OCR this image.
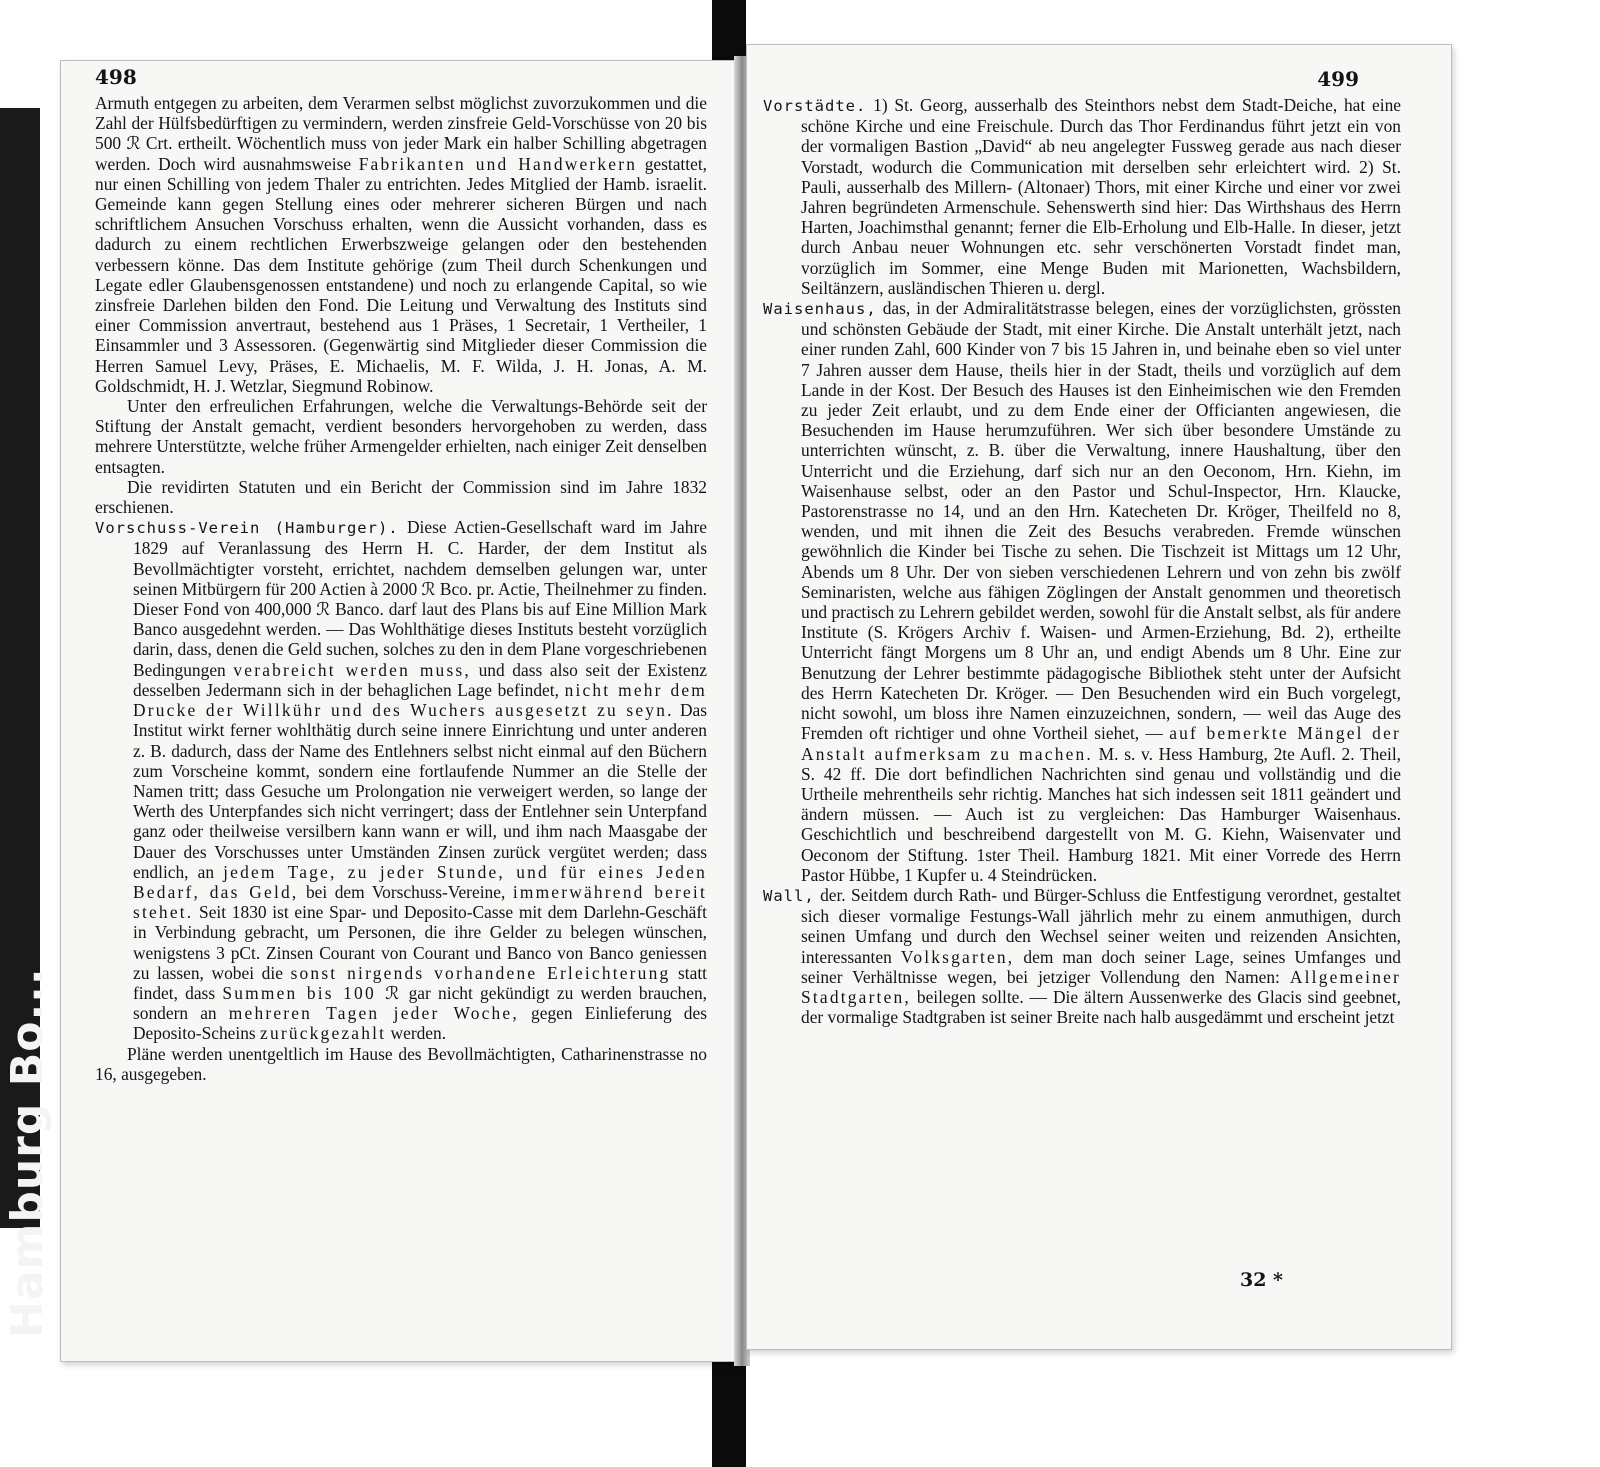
Hamburg Bo...
498

Armuth entgegen zu arbeiten, dem Verarmen selbst möglichst zuvorzukommen und die Zahl der Hülfsbedürftigen zu vermindern, werden zinsfreie Geld-Vorschüsse von 20 bis 500 ℛ Crt. ertheilt. Wöchentlich muss von jeder Mark ein halber Schilling abgetragen werden. Doch wird ausnahmsweise Fabrikanten und Handwerkern gestattet, nur einen Schilling von jedem Thaler zu entrichten. Jedes Mitglied der Hamb. israelit. Gemeinde kann gegen Stellung eines oder mehrerer sicheren Bürgen und nach schriftlichem Ansuchen Vorschuss erhalten, wenn die Aussicht vorhanden, dass es dadurch zu einem rechtlichen Erwerbszweige gelangen oder den bestehenden verbessern könne. Das dem Institute gehörige (zum Theil durch Schenkungen und Legate edler Glaubensgenossen entstandene) und noch zu erlangende Capital, so wie zinsfreie Darlehen bilden den Fond. Die Leitung und Verwaltung des Instituts sind einer Commission anvertraut, bestehend aus 1 Präses, 1 Secretair, 1 Vertheiler, 1 Einsammler und 3 Assessoren. (Gegenwärtig sind Mitglieder dieser Commission die Herren Samuel Levy, Präses, E. Michaelis, M. F. Wilda, J. H. Jonas, A. M. Goldschmidt, H. J. Wetzlar, Siegmund Robinow.

Unter den erfreulichen Erfahrungen, welche die Verwaltungs-Behörde seit der Stiftung der Anstalt gemacht, verdient besonders hervorgehoben zu werden, dass mehrere Unterstützte, welche früher Armengelder erhielten, nach einiger Zeit denselben entsagten.

Die revidirten Statuten und ein Bericht der Commission sind im Jahre 1832 erschienen.

Vorschuss-Verein (Hamburger). Diese Actien-Gesellschaft ward im Jahre 1829 auf Veranlassung des Herrn H. C. Harder, der dem Institut als Bevollmächtigter vorsteht, errichtet, nachdem demselben gelungen war, unter seinen Mitbürgern für 200 Actien à 2000 ℛ Bco. pr. Actie, Theilnehmer zu finden. Dieser Fond von 400,000 ℛ Banco. darf laut des Plans bis auf Eine Million Mark Banco ausgedehnt werden. — Das Wohlthätige dieses Instituts besteht vorzüglich darin, dass, denen die Geld suchen, solches zu den in dem Plane vorgeschriebenen Bedingungen verabreicht werden muss, und dass also seit der Existenz desselben Jedermann sich in der behaglichen Lage befindet, nicht mehr dem Drucke der Willkühr und des Wuchers ausgesetzt zu seyn. Das Institut wirkt ferner wohlthätig durch seine innere Einrichtung und unter anderen z. B. dadurch, dass der Name des Entlehners selbst nicht einmal auf den Büchern zum Vorscheine kommt, sondern eine fortlaufende Nummer an die Stelle der Namen tritt; dass Gesuche um Prolongation nie verweigert werden, so lange der Werth des Unterpfandes sich nicht verringert; dass der Entlehner sein Unterpfand ganz oder theilweise versilbern kann wann er will, und ihm nach Maasgabe der Dauer des Vorschusses unter Umständen Zinsen zurück vergütet werden; dass endlich, an jedem Tage, zu jeder Stunde, und für eines Jeden Bedarf, das Geld, bei dem Vorschuss-Vereine, immerwährend bereit stehet. Seit 1830 ist eine Spar- und Deposito-Casse mit dem Darlehn-Geschäft in Verbindung gebracht, um Personen, die ihre Gelder zu belegen wünschen, wenigstens 3 pCt. Zinsen Courant von Courant und Banco von Banco geniessen zu lassen, wobei die sonst nirgends vorhandene Erleichterung statt findet, dass Summen bis 100 ℛ gar nicht gekündigt zu werden brauchen, sondern an mehreren Tagen jeder Woche, gegen Einlieferung des Deposito-Scheins zurückgezahlt werden.

Pläne werden unentgeltlich im Hause des Bevollmächtigten, Catharinenstrasse no 16, ausgegeben.

499

Vorstädte. 1) St. Georg, ausserhalb des Steinthors nebst dem Stadt-Deiche, hat eine schöne Kirche und eine Freischule. Durch das Thor Ferdinandus führt jetzt ein von der vormaligen Bastion „David“ ab neu angelegter Fussweg gerade aus nach dieser Vorstadt, wodurch die Communication mit derselben sehr erleichtert wird. 2) St. Pauli, ausserhalb des Millern- (Altonaer) Thors, mit einer Kirche und einer vor zwei Jahren begründeten Armenschule. Sehenswerth sind hier: Das Wirthshaus des Herrn Harten, Joachimsthal genannt; ferner die Elb-Erholung und Elb-Halle. In dieser, jetzt durch Anbau neuer Wohnungen etc. sehr verschönerten Vorstadt findet man, vorzüglich im Sommer, eine Menge Buden mit Marionetten, Wachsbildern, Seiltänzern, ausländischen Thieren u. dergl.

Waisenhaus, das, in der Admiralitätstrasse belegen, eines der vorzüglichsten, grössten und schönsten Gebäude der Stadt, mit einer Kirche. Die Anstalt unterhält jetzt, nach einer runden Zahl, 600 Kinder von 7 bis 15 Jahren in, und beinahe eben so viel unter 7 Jahren ausser dem Hause, theils hier in der Stadt, theils und vorzüglich auf dem Lande in der Kost. Der Besuch des Hauses ist den Einheimischen wie den Fremden zu jeder Zeit erlaubt, und zu dem Ende einer der Officianten angewiesen, die Besuchenden im Hause herumzuführen. Wer sich über besondere Umstände zu unterrichten wünscht, z. B. über die Verwaltung, innere Haushaltung, über den Unterricht und die Erziehung, darf sich nur an den Oeconom, Hrn. Kiehn, im Waisenhause selbst, oder an den Pastor und Schul-Inspector, Hrn. Klaucke, Pastorenstrasse no 14, und an den Hrn. Katecheten Dr. Kröger, Theilfeld no 8, wenden, und mit ihnen die Zeit des Besuchs verabreden. Fremde wünschen gewöhnlich die Kinder bei Tische zu sehen. Die Tischzeit ist Mittags um 12 Uhr, Abends um 8 Uhr. Der von sieben verschiedenen Lehrern und von zehn bis zwölf Seminaristen, welche aus fähigen Zöglingen der Anstalt genommen und theoretisch und practisch zu Lehrern gebildet werden, sowohl für die Anstalt selbst, als für andere Institute (S. Krögers Archiv f. Waisen- und Armen-Erziehung, Bd. 2), ertheilte Unterricht fängt Morgens um 8 Uhr an, und endigt Abends um 8 Uhr. Eine zur Benutzung der Lehrer bestimmte pädagogische Bibliothek steht unter der Aufsicht des Herrn Katecheten Dr. Kröger. — Den Besuchenden wird ein Buch vorgelegt, nicht sowohl, um bloss ihre Namen einzuzeichnen, sondern, — weil das Auge des Fremden oft richtiger und ohne Vortheil siehet, — auf bemerkte Mängel der Anstalt aufmerksam zu machen. M. s. v. Hess Hamburg, 2te Aufl. 2. Theil, S. 42 ff. Die dort befindlichen Nachrichten sind genau und vollständig und die Urtheile mehrentheils sehr richtig. Manches hat sich indessen seit 1811 geändert und ändern müssen. — Auch ist zu vergleichen: Das Hamburger Waisenhaus. Geschichtlich und beschreibend dargestellt von M. G. Kiehn, Waisenvater und Oeconom der Stiftung. 1ster Theil. Hamburg 1821. Mit einer Vorrede des Herrn Pastor Hübbe, 1 Kupfer u. 4 Steindrücken.

Wall, der. Seitdem durch Rath- und Bürger-Schluss die Entfestigung verordnet, gestaltet sich dieser vormalige Festungs-Wall jährlich mehr zu einem anmuthigen, durch seinen Umfang und durch den Wechsel seiner weiten und reizenden Ansichten, interessanten Volksgarten, dem man doch seiner Lage, seines Umfanges und seiner Verhältnisse wegen, bei jetziger Vollendung den Namen: Allgemeiner Stadtgarten, beilegen sollte. — Die ältern Aussenwerke des Glacis sind geebnet, der vormalige Stadtgraben ist seiner Breite nach halb ausgedämmt und erscheint jetzt

32 *
